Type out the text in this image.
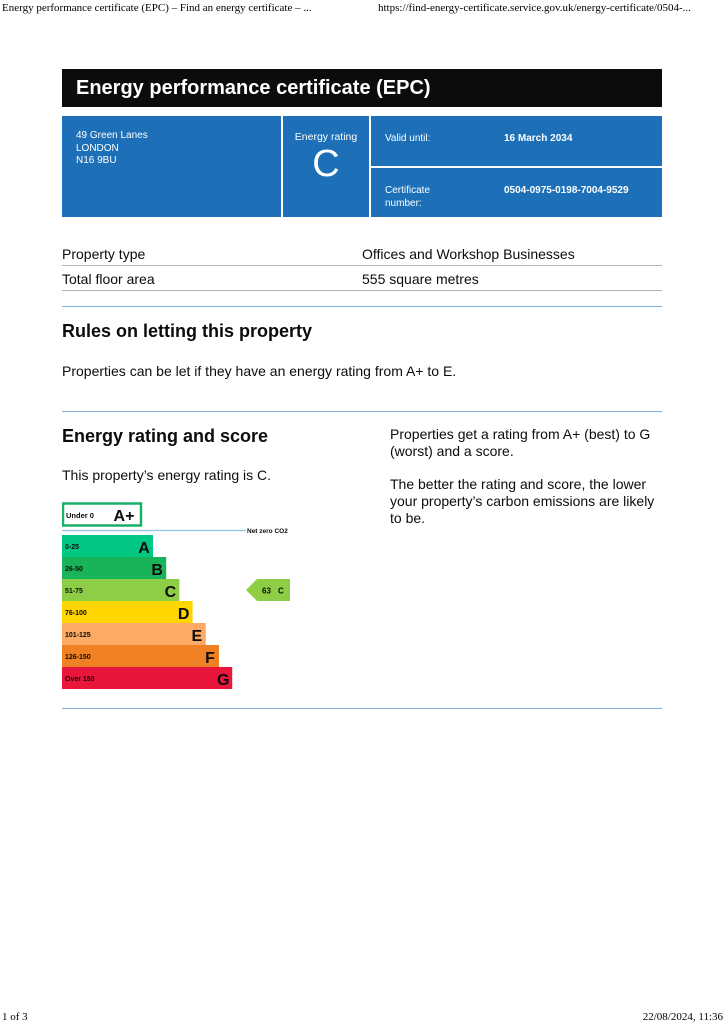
Energy performance certificate (EPC) – Find an energy certificate – ...	https://find-energy-certificate.service.gov.uk/energy-certificate/0504-...
Energy performance certificate (EPC)
49 Green Lanes
LONDON
N16 9BU
Energy rating
C
Valid until:	16 March 2034
Certificate
number:
0504-0975-0198-7004-9529
Property type	Offices and Workshop Businesses
Total floor area	555 square metres
Rules on letting this property

Properties can be let if they have an energy rating from A+ to E.

Energy rating and score

This property’s energy rating is C.

Properties get a rating from A+ (best) to G
(worst) and a score.
The better the rating and score, the lower
your property’s carbon emissions are likely
to be.
Under 0 A+
Net zero CO2
0-25	A
26-50	B
51-75	C
76-100	D
101-125	E
126-150	F
Over 150	G
63 C
1 of 3	22/08/2024, 11:36
